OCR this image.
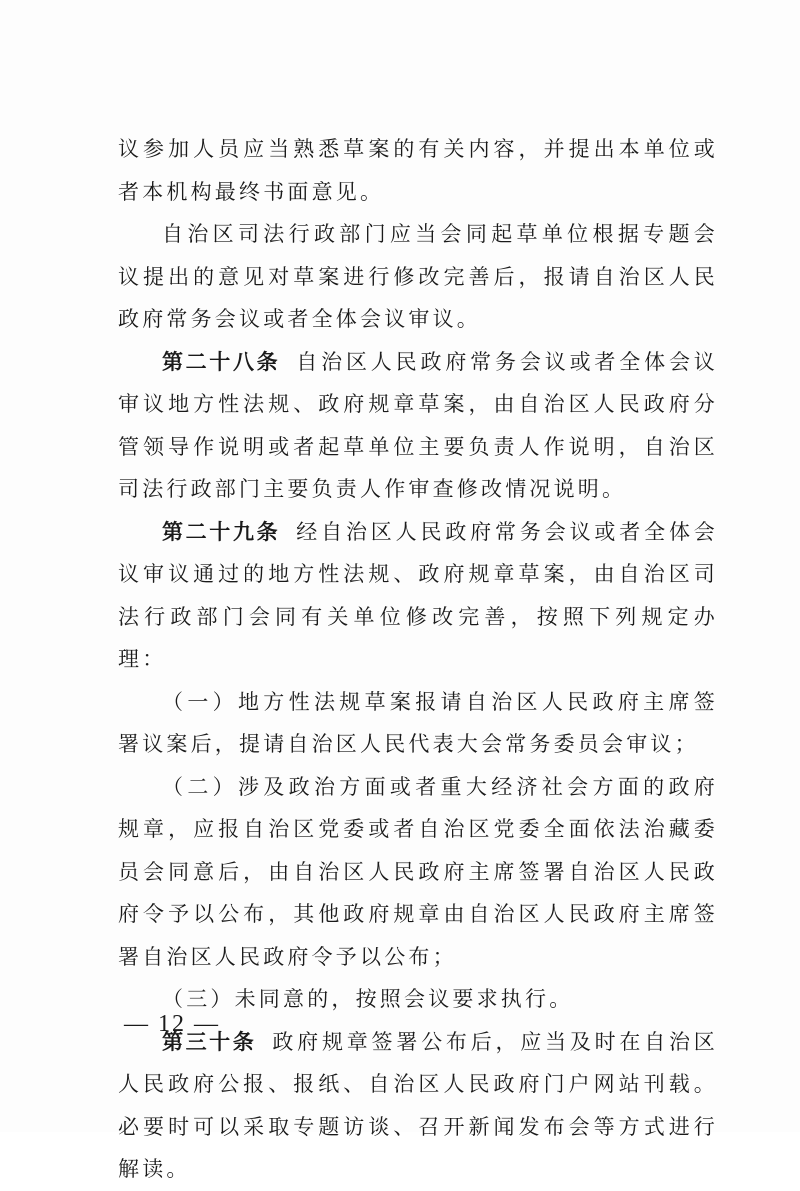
议参加人员应当熟悉草案的有关内容，并提出本单位或者本机构最终书面意见。

自治区司法行政部门应当会同起草单位根据专题会议提出的意见对草案进行修改完善后，报请自治区人民政府常务会议或者全体会议审议。

第二十八条 自治区人民政府常务会议或者全体会议审议地方性法规、政府规章草案，由自治区人民政府分管领导作说明或者起草单位主要负责人作说明，自治区司法行政部门主要负责人作审查修改情况说明。

第二十九条 经自治区人民政府常务会议或者全体会议审议通过的地方性法规、政府规章草案，由自治区司法行政部门会同有关单位修改完善，按照下列规定办理：

（一）地方性法规草案报请自治区人民政府主席签署议案后，提请自治区人民代表大会常务委员会审议；

（二）涉及政治方面或者重大经济社会方面的政府规章，应报自治区党委或者自治区党委全面依法治藏委员会同意后，由自治区人民政府主席签署自治区人民政府令予以公布，其他政府规章由自治区人民政府主席签署自治区人民政府令予以公布；

（三）未同意的，按照会议要求执行。

第三十条 政府规章签署公布后，应当及时在自治区人民政府公报、报纸、自治区人民政府门户网站刊载。必要时可以采取专题访谈、召开新闻发布会等方式进行解读。

— 12 —
